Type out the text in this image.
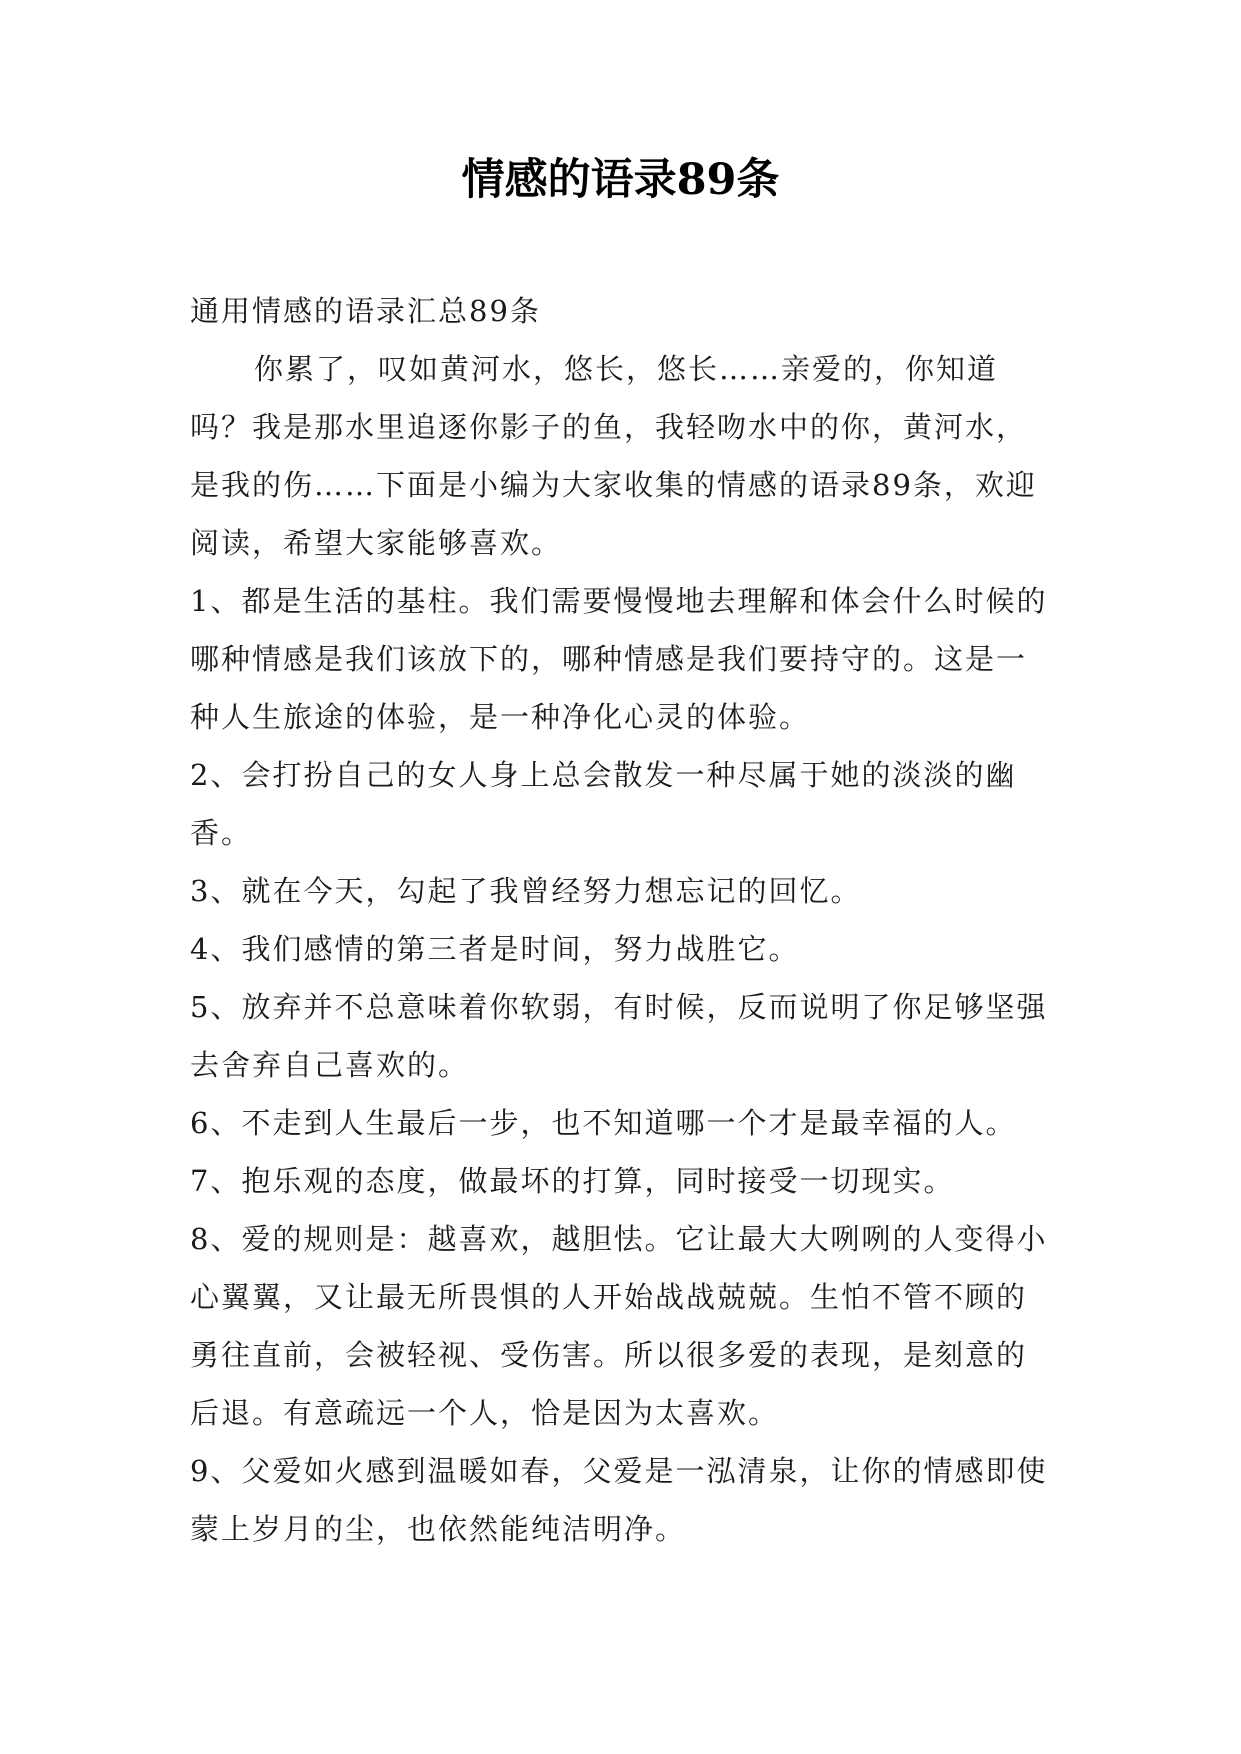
情感的语录89条

通用情感的语录汇总89条

你累了，叹如黄河水，悠长，悠长……亲爱的，你知道吗？我是那水里追逐你影子的鱼，我轻吻水中的你，黄河水，是我的伤……下面是小编为大家收集的情感的语录89条，欢迎阅读，希望大家能够喜欢。

1、都是生活的基柱。我们需要慢慢地去理解和体会什么时候的哪种情感是我们该放下的，哪种情感是我们要持守的。这是一种人生旅途的体验，是一种净化心灵的体验。

2、会打扮自己的女人身上总会散发一种尽属于她的淡淡的幽香。

3、就在今天，勾起了我曾经努力想忘记的回忆。

4、我们感情的第三者是时间，努力战胜它。

5、放弃并不总意味着你软弱，有时候，反而说明了你足够坚强去舍弃自己喜欢的。

6、不走到人生最后一步，也不知道哪一个才是最幸福的人。

7、抱乐观的态度，做最坏的打算，同时接受一切现实。

8、爱的规则是：越喜欢，越胆怯。它让最大大咧咧的人变得小心翼翼，又让最无所畏惧的人开始战战兢兢。生怕不管不顾的勇往直前，会被轻视、受伤害。所以很多爱的表现，是刻意的后退。有意疏远一个人，恰是因为太喜欢。

9、父爱如火感到温暖如春，父爱是一泓清泉，让你的情感即使蒙上岁月的尘，也依然能纯洁明净。
